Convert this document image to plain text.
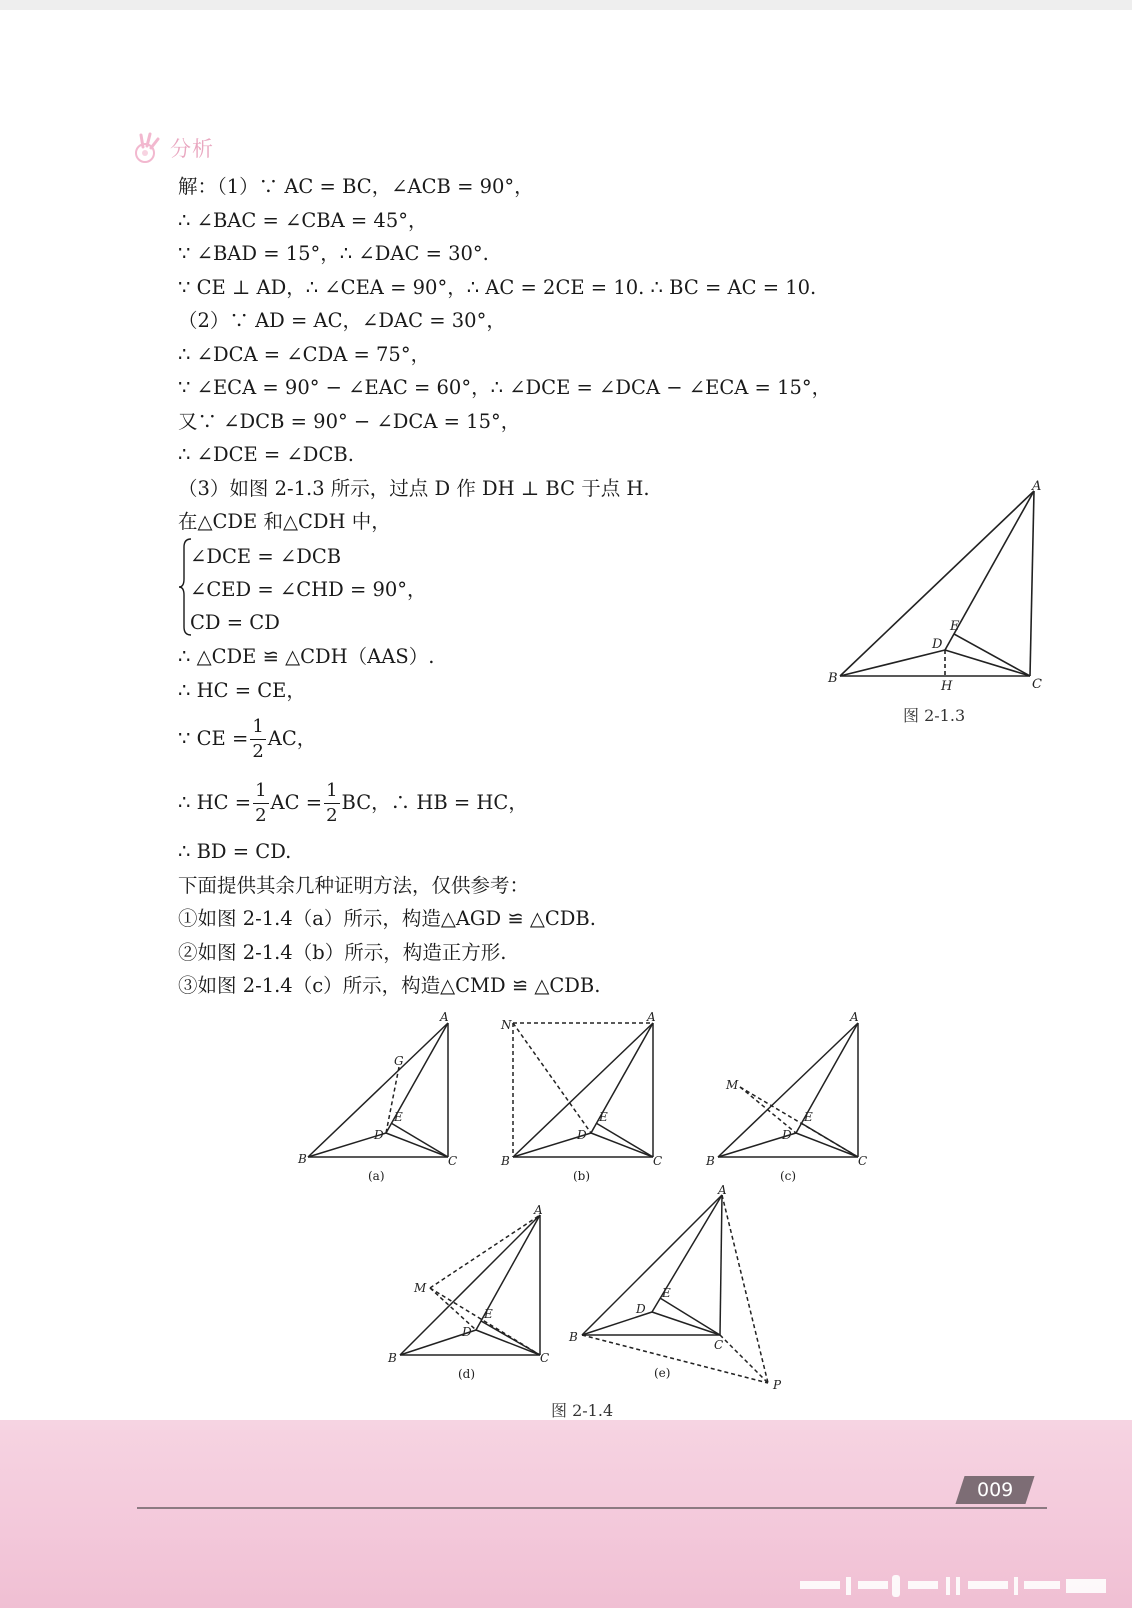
分析
解：（1）∵ AC = BC，∠ACB = 90°，
∴ ∠BAC = ∠CBA = 45°，
∵ ∠BAD = 15°，∴ ∠DAC = 30°.
∵ CE ⊥ AD，∴ ∠CEA = 90°，∴ AC = 2CE = 10. ∴ BC = AC = 10.
（2）∵ AD = AC，∠DAC = 30°，
∴ ∠DCA = ∠CDA = 75°，
∵ ∠ECA = 90° − ∠EAC = 60°，∴ ∠DCE = ∠DCA − ∠ECA = 15°，
又∵ ∠DCB = 90° − ∠DCA = 15°，
∴ ∠DCE = ∠DCB.
（3）如图 2-1.3 所示，过点 D 作 DH ⊥ BC 于点 H.
在△CDE 和△CDH 中，
∠DCE = ∠DCB
∠CED = ∠CHD = 90°，
CD = CD
∴ △CDE ≌ △CDH（AAS）.
∴ HC = CE，
∵ CE = $\frac{1}{2}$ AC，
∴ HC = $\frac{1}{2}$ AC = $\frac{1}{2}$ BC，∴ HB = HC，
∴ BD = CD.
下面提供其余几种证明方法，仅供参考：
①如图 2-1.4（a）所示，构造△AGD ≌ △CDB.
②如图 2-1.4（b）所示，构造正方形.
③如图 2-1.4（c）所示，构造△CMD ≌ △CDB.
A
B	C
D
E
H
图 2-1.3
A
B	C
D
E
G
(a)
A
N
B	C
D
E
(b)
A
M
B	C
D
E
(c)
A
M
B	C
D
E
(d)
A
B
C
D
E
P
(e)
图 2-1.4
009
